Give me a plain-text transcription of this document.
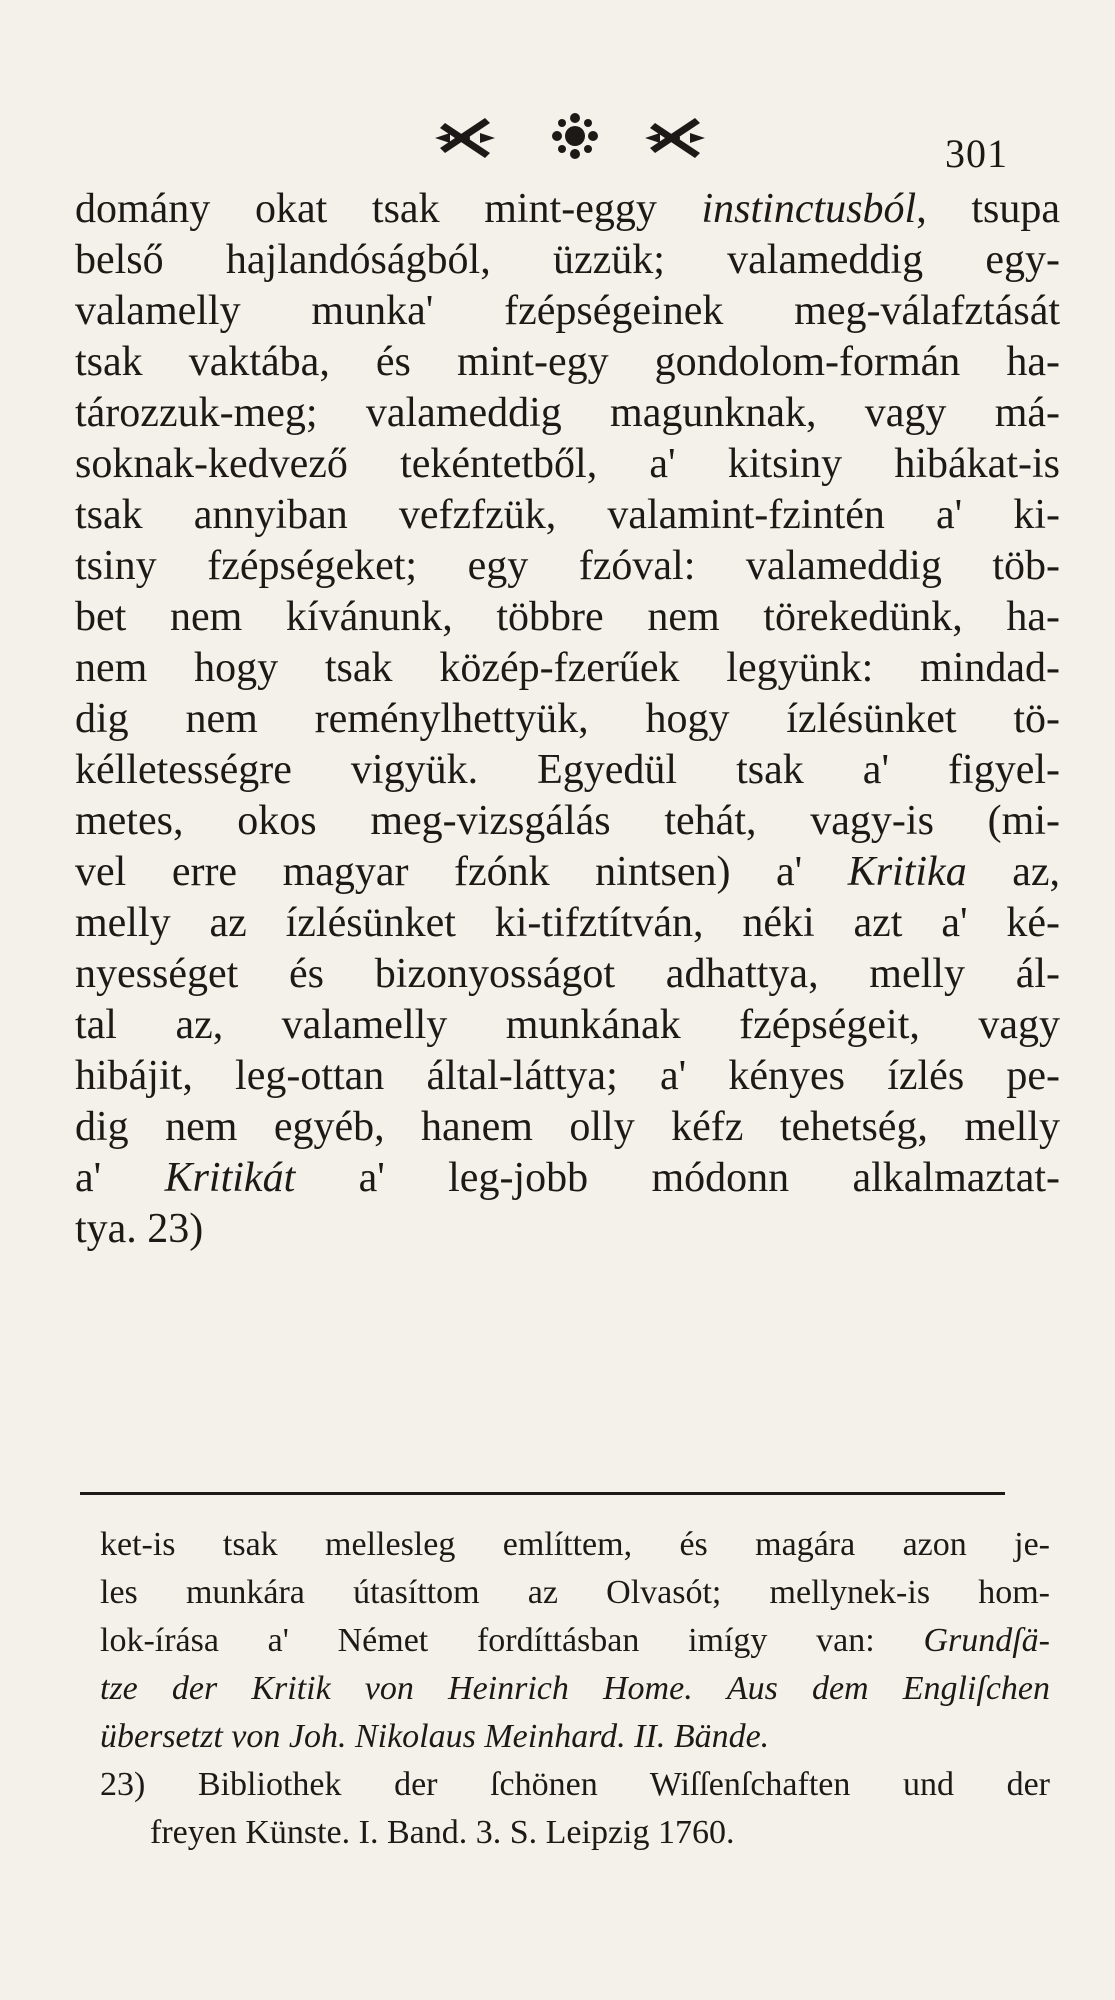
301
domány okat tsak mint-eggy instinctusból, tsupa
belső hajlandóságból, üzzük; valameddig egy-
valamelly munka' fzépségeinek meg-válafztását
tsak vaktába, és mint-egy gondolom-formán ha-
tározzuk-meg; valameddig magunknak, vagy má-
soknak-kedvező tekéntetből, a' kitsiny hibákat-is
tsak annyiban vefzfzük, valamint-fzintén a' ki-
tsiny fzépségeket; egy fzóval: valameddig töb-
bet nem kívánunk, többre nem törekedünk, ha-
nem hogy tsak közép-fzerűek legyünk: mindad-
dig nem reménylhettyük, hogy ízlésünket tö-
kélletességre vigyük. Egyedül tsak a' figyel-
metes, okos meg-vizsgálás tehát, vagy-is (mi-
vel erre magyar fzónk nintsen) a' Kritika az,
melly az ízlésünket ki-tifztítván, néki azt a' ké-
nyességet és bizonyosságot adhattya, melly ál-
tal az, valamelly munkának fzépségeit, vagy
hibájit, leg-ottan által-láttya; a' kényes ízlés pe-
dig nem egyéb, hanem olly kéfz tehetség, melly
a' Kritikát a' leg-jobb módonn alkalmaztat-
tya. 23)
ket-is tsak mellesleg említtem, és magára azon je-
les munkára útasíttom az Olvasót; mellynek-is hom-
lok-írása a' Német fordíttásban imígy van: Grundſä-
tze der Kritik von Heinrich Home. Aus dem Engliſchen
übersetzt von Joh. Nikolaus Meinhard. II. Bände.
23) Bibliothek der ſchönen Wiſſenſchaften und der
freyen Künste. I. Band. 3. S. Leipzig 1760.
